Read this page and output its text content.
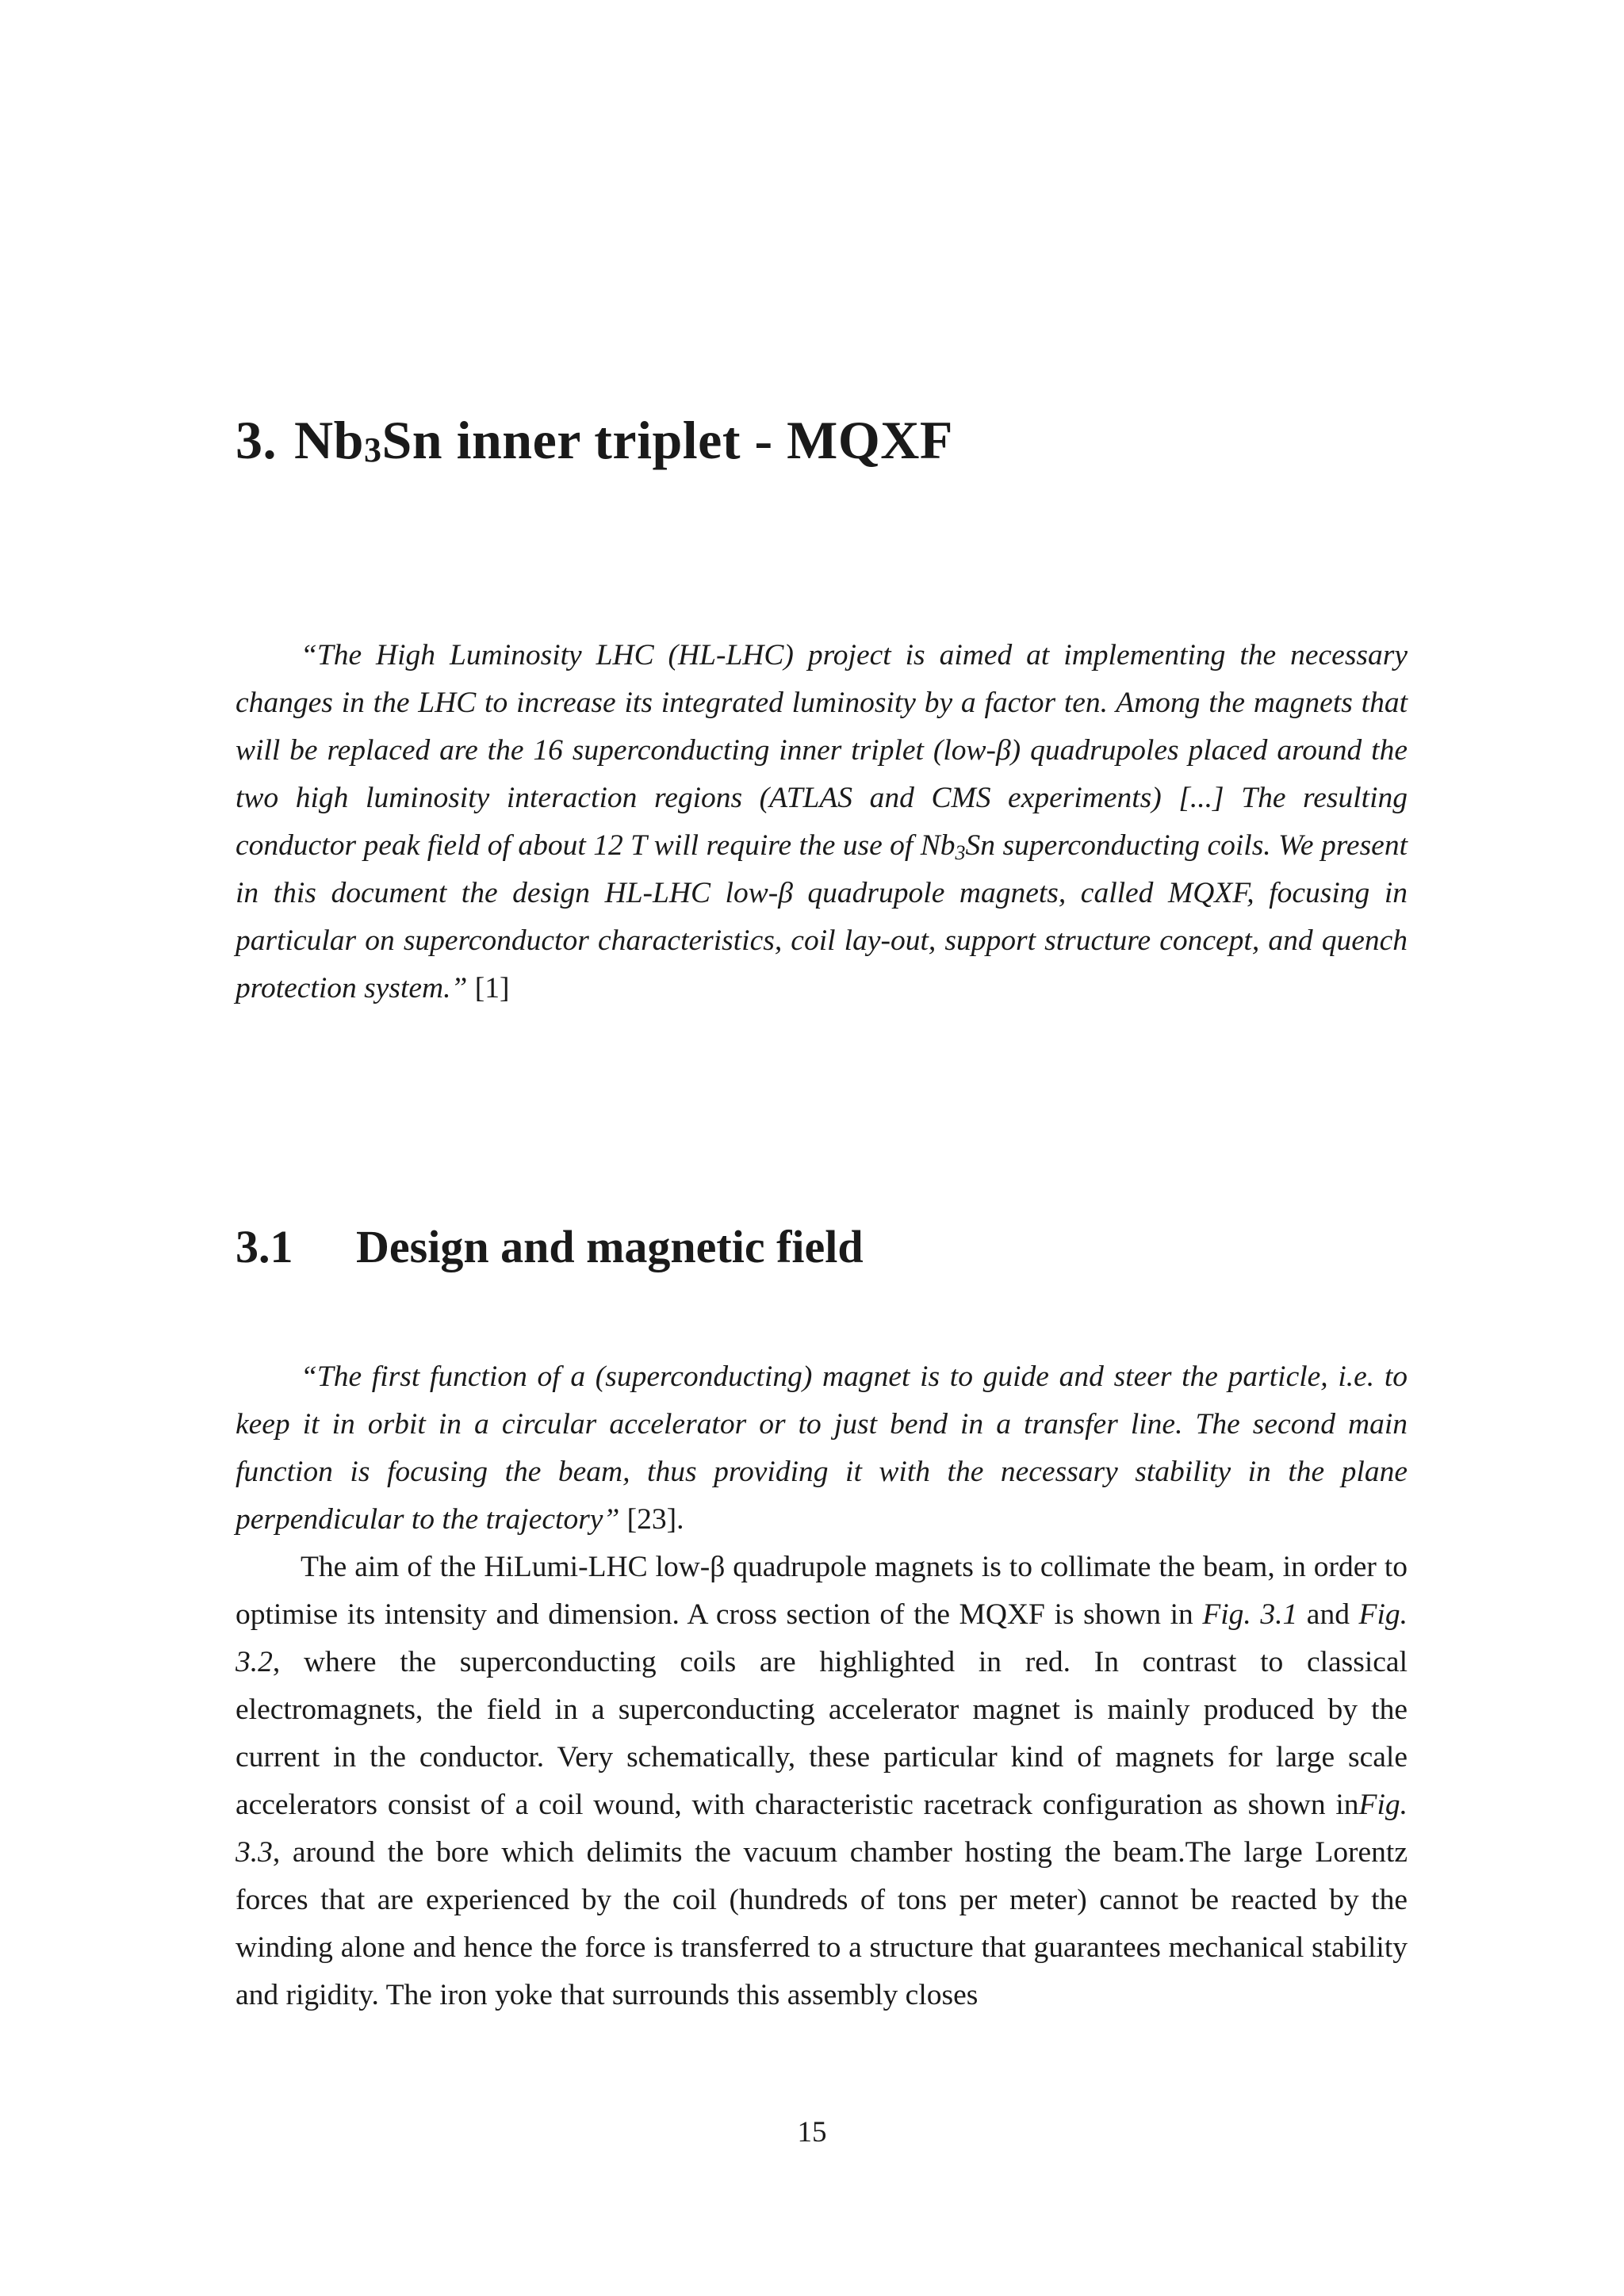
3. $Nb_3Sn$ inner triplet - MQXF

“The High Luminosity LHC (HL-LHC) project is aimed at implementing the necessary changes in the LHC to increase its integrated luminosity by a factor ten. Among the magnets that will be replaced are the 16 superconducting inner triplet (low-β) quadrupoles placed around the two high luminosity interaction regions (ATLAS and CMS experiments) [...] The resulting conductor peak field of about 12 T will require the use of $Nb_3Sn$ superconducting coils. We present in this document the design HL-LHC low-β quadrupole magnets, called MQXF, focusing in particular on superconductor characteristics, coil lay-out, support structure concept, and quench protection system.” [1]

3.1 Design and magnetic field

“The first function of a (superconducting) magnet is to guide and steer the particle, i.e. to keep it in orbit in a circular accelerator or to just bend in a transfer line. The second main function is focusing the beam, thus providing it with the necessary stability in the plane perpendicular to the trajectory” [23].

The aim of the HiLumi-LHC low-β quadrupole magnets is to collimate the beam, in order to optimise its intensity and dimension. A cross section of the MQXF is shown in Fig. 3.1 and Fig. 3.2, where the superconducting coils are highlighted in red. In contrast to classical electromagnets, the field in a superconducting accelerator magnet is mainly produced by the current in the conductor. Very schematically, these particular kind of magnets for large scale accelerators consist of a coil wound, with characteristic racetrack configuration as shown inFig. 3.3, around the bore which delimits the vacuum chamber hosting the beam.The large Lorentz forces that are experienced by the coil (hundreds of tons per meter) cannot be reacted by the winding alone and hence the force is transferred to a structure that guarantees mechanical stability and rigidity. The iron yoke that surrounds this assembly closes

15
